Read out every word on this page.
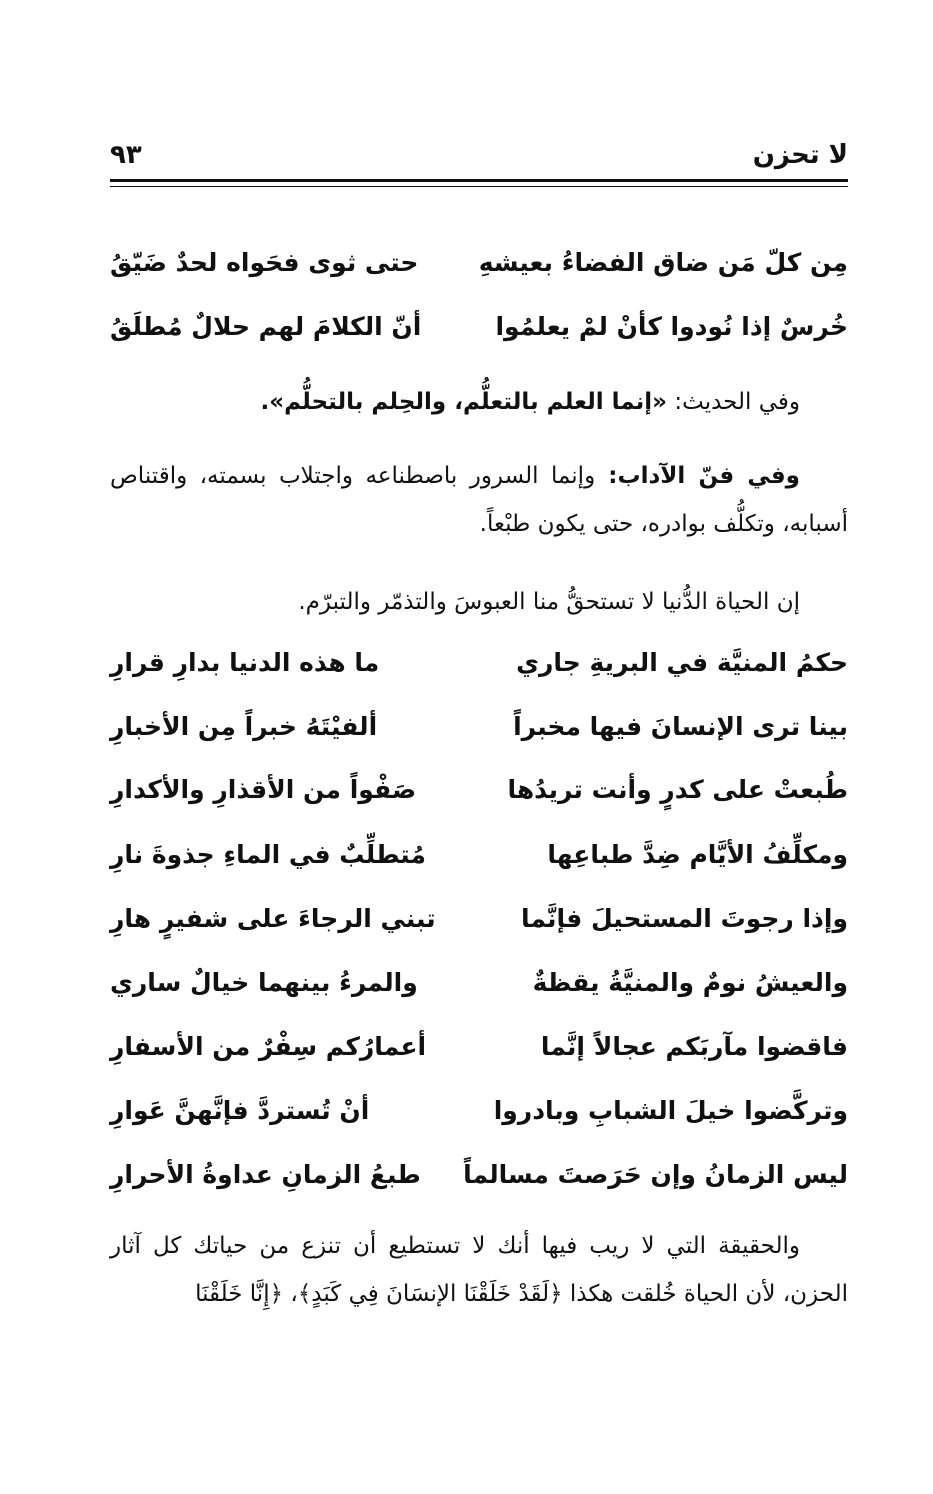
لا تحزن
٩٣
مِن كلّ مَن ضاق الفضاءُ بعيشهِ
حتى ثوى فحَواه لحدٌ ضَيّقُ
خُرسٌ إذا نُودوا كأنْ لمْ يعلمُوا
أنّ الكلامَ لهم حلالٌ مُطلَقُ
وفي الحديث: «إنما العلم بالتعلُّم، والحِلم بالتحلُّم».
وفي فنّ الآداب: وإنما السرور باصطناعه واجتلاب بسمته، واقتناص أسبابه، وتكلُّف بوادره، حتى يكون طبْعاً.
إن الحياة الدُّنيا لا تستحقُّ منا العبوسَ والتذمّر والتبرّم.
حكمُ المنيَّة في البريةِ جاري
ما هذه الدنيا بدارِ قرارِ
بينا ترى الإنسانَ فيها مخبراً
ألفيْتَهُ خبراً مِن الأخبارِ
طُبعتْ على كدرٍ وأنت تريدُها
صَفْواً من الأقذارِ والأكدارِ
ومكلِّفُ الأيَّام ضِدَّ طباعِها
مُتطلِّبٌ في الماءِ جذوةَ نارِ
وإذا رجوتَ المستحيلَ فإنَّما
تبني الرجاءَ على شفيرٍ هارِ
والعيشُ نومٌ والمنيَّةُ يقظةٌ
والمرءُ بينهما خيالٌ ساري
فاقضوا مآربَكم عجالاً إنَّما
أعمارُكم سِفْرٌ من الأسفارِ
وتركَّضوا خيلَ الشبابِ وبادروا
أنْ تُستردَّ فإنَّهنَّ عَوارِ
ليس الزمانُ وإن حَرَصتَ مسالماً
طبعُ الزمانِ عداوةُ الأحرارِ
والحقيقة التي لا ريب فيها أنك لا تستطيع أن تنزع من حياتك كل آثار الحزن، لأن الحياة خُلقت هكذا ﴿لَقَدْ خَلَقْنَا الإنسَانَ فِي كَبَدٍ﴾، ﴿إِنَّا خَلَقْنَا
